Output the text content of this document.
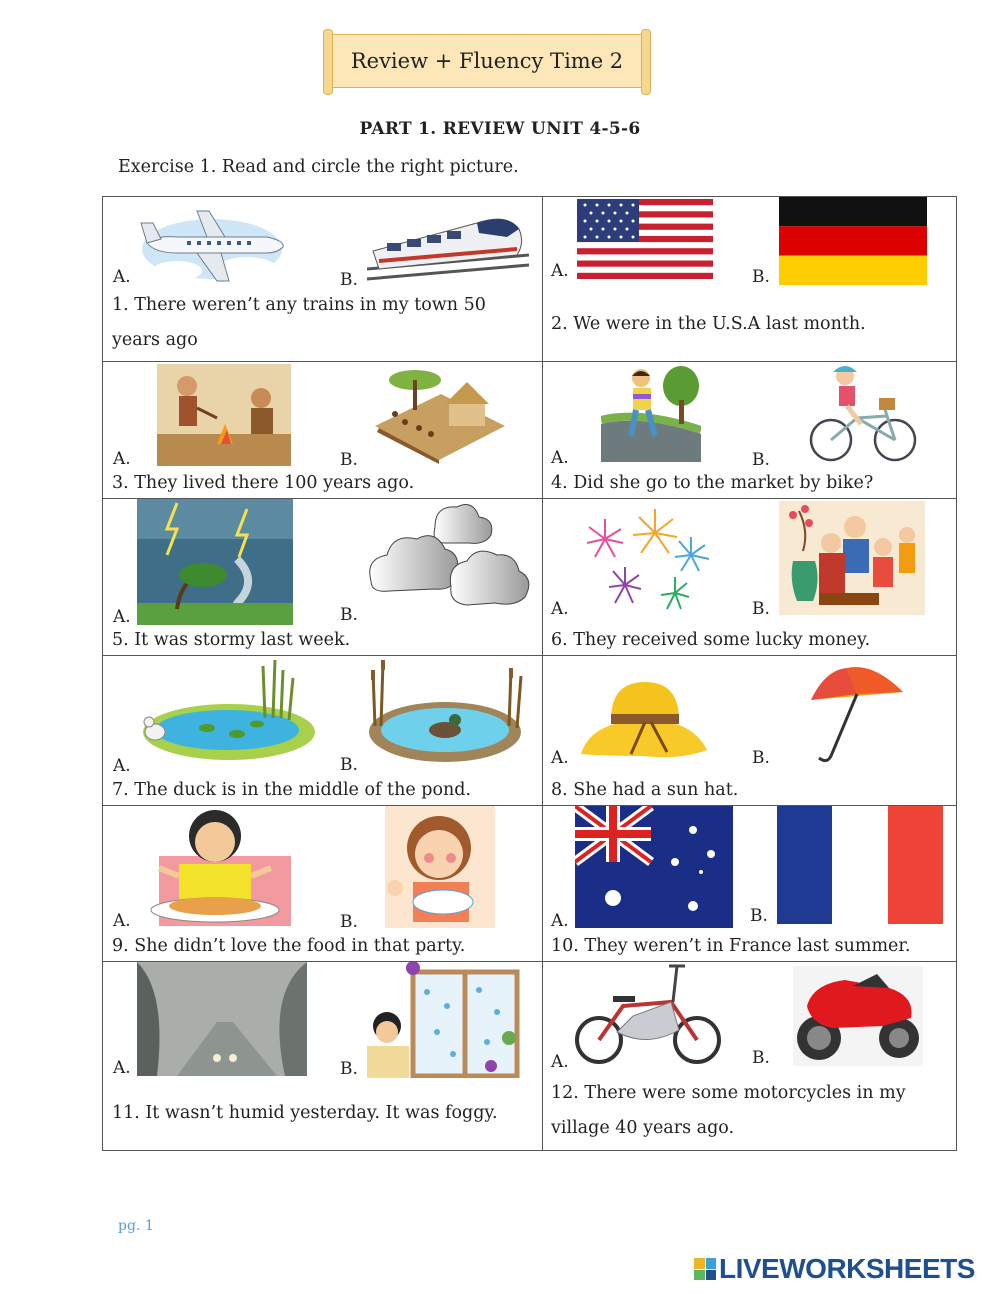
Review + Fluency Time 2
PART 1. REVIEW UNIT 4-5-6
Exercise 1. Read and circle the right picture.
A.	B.
1. There weren’t any trains in my town 50
years ago
A.	B.
2. We were in the U.S.A last month.
A.	B.
3. They lived there 100 years ago.
A.	B.
4. Did she go to the market by bike?
A.	B.
5. It was stormy last week.
A.	B.
6. They received some lucky money.
A.	B.
7. The duck is in the middle of the pond.
A.	B.
8. She had a sun hat.
A.	B.
9. She didn’t love the food in that party.
A.	B.
10. They weren’t in France last summer.
A.	B.
11. It wasn’t humid yesterday. It was foggy.
A.	B.
12. There were some motorcycles in my
village 40 years ago.
pg. 1
LIVEWORKSHEETS
